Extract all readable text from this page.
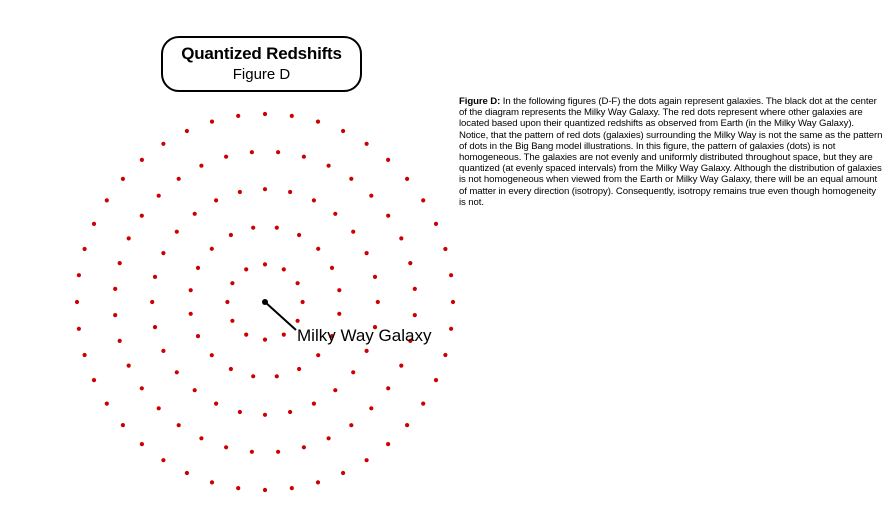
Quantized Redshifts
Figure D
Milky Way Galaxy
Figure D: In the following figures (D-F) the dots again represent galaxies. The black dot at the center of the diagram represents the Milky Way Galaxy. The red dots represent where other galaxies are located based upon their quantized redshifts as observed from Earth (in the Milky Way Galaxy). Notice, that the pattern of red dots (galaxies) surrounding the Milky Way is not the same as the pattern of dots in the Big Bang model illustrations. In this figure, the pattern of galaxies (dots) is not homogeneous. The galaxies are not evenly and uniformly distributed throughout space, but they are quantized (at evenly spaced intervals) from the Milky Way Galaxy. Although the distribution of galaxies is not homogeneous when viewed from the Earth or Milky Way Galaxy, there will be an equal amount of matter in every direction (isotropy). Consequently, isotropy remains true even though homogeneity is not.
